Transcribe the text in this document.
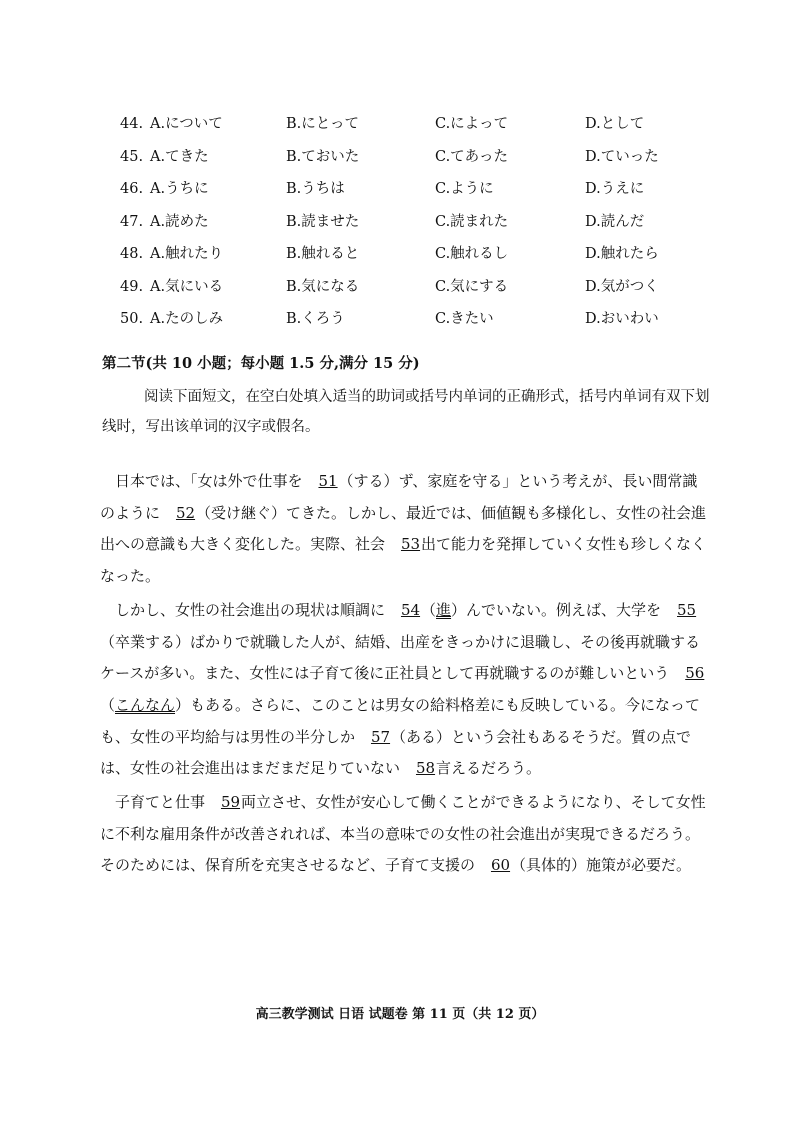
44. A.について	B.にとって	C.によって	D.として
45. A.てきた	B.ておいた	C.てあった	D.ていった
46. A.うちに	B.うちは	C.ように	D.うえに
47. A.読めた	B.読ませた	C.読まれた	D.読んだ
48. A.触れたり	B.触れると	C.触れるし	D.触れたら
49. A.気にいる	B.気になる	C.気にする	D.気がつく
50. A.たのしみ	B.くろう	C.きたい	D.おいわい
第二节(共 10 小题；每小题 1.5 分,满分 15 分)
阅读下面短文，在空白处填入适当的助词或括号内单词的正确形式，括号内单词有双下划线时，写出该单词的汉字或假名。

日本では、「女は外で仕事を 51（する）ず、家庭を守る」という考えが、長い間常識のように 52（受け継ぐ）てきた。しかし、最近では、価値観も多様化し、女性の社会進出への意識も大きく変化した。実際、社会 53出て能力を発揮していく女性も珍しくなくなった。

しかし、女性の社会進出の現状は順調に 54（進）んでいない。例えば、大学を 55（卒業する）ばかりで就職した人が、結婚、出産をきっかけに退職し、その後再就職するケースが多い。また、女性には子育て後に正社員として再就職するのが難しいという 56（こんなん）もある。さらに、このことは男女の給料格差にも反映している。今になっても、女性の平均給与は男性の半分しか 57（ある）という会社もあるそうだ。質の点では、女性の社会進出はまだまだ足りていない 58言えるだろう。

子育てと仕事 59両立させ、女性が安心して働くことができるようになり、そして女性に不利な雇用条件が改善されれば、本当の意味での女性の社会進出が実現できるだろう。そのためには、保育所を充実させるなど、子育て支援の 60（具体的）施策が必要だ。

高三教学测试 日语 试题卷 第 11 页（共 12 页）
